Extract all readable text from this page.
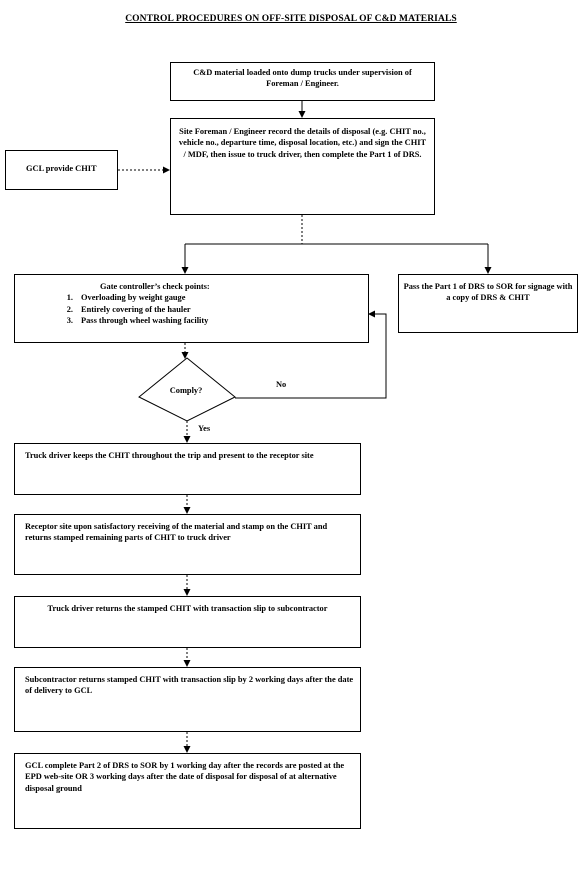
CONTROL PROCEDURES ON OFF-SITE DISPOSAL OF C&D MATERIALS
C&D material loaded onto dump trucks under supervision of Foreman / Engineer.
Site Foreman / Engineer record the details of disposal (e.g. CHIT no., vehicle no., departure time, disposal location, etc.) and sign the CHIT / MDF, then issue to truck driver, then complete the Part 1 of DRS.
GCL provide CHIT
Gate controller’s check points:
1. Overloading by weight gauge
2. Entirely covering of the hauler
3. Pass through wheel washing facility
Pass the Part 1 of DRS to SOR for signage with a copy of DRS & CHIT
Comply?
No
Yes
Truck driver keeps the CHIT throughout the trip and present to the receptor site
Receptor site upon satisfactory receiving of the material and stamp on the CHIT and returns stamped remaining parts of CHIT to truck driver
Truck driver returns the stamped CHIT with transaction slip to subcontractor
Subcontractor returns stamped CHIT with transaction slip by 2 working days after the date of delivery to GCL
GCL complete Part 2 of DRS to SOR by 1 working day after the records are posted at the EPD web-site OR 3 working days after the date of disposal for disposal of at alternative disposal ground
